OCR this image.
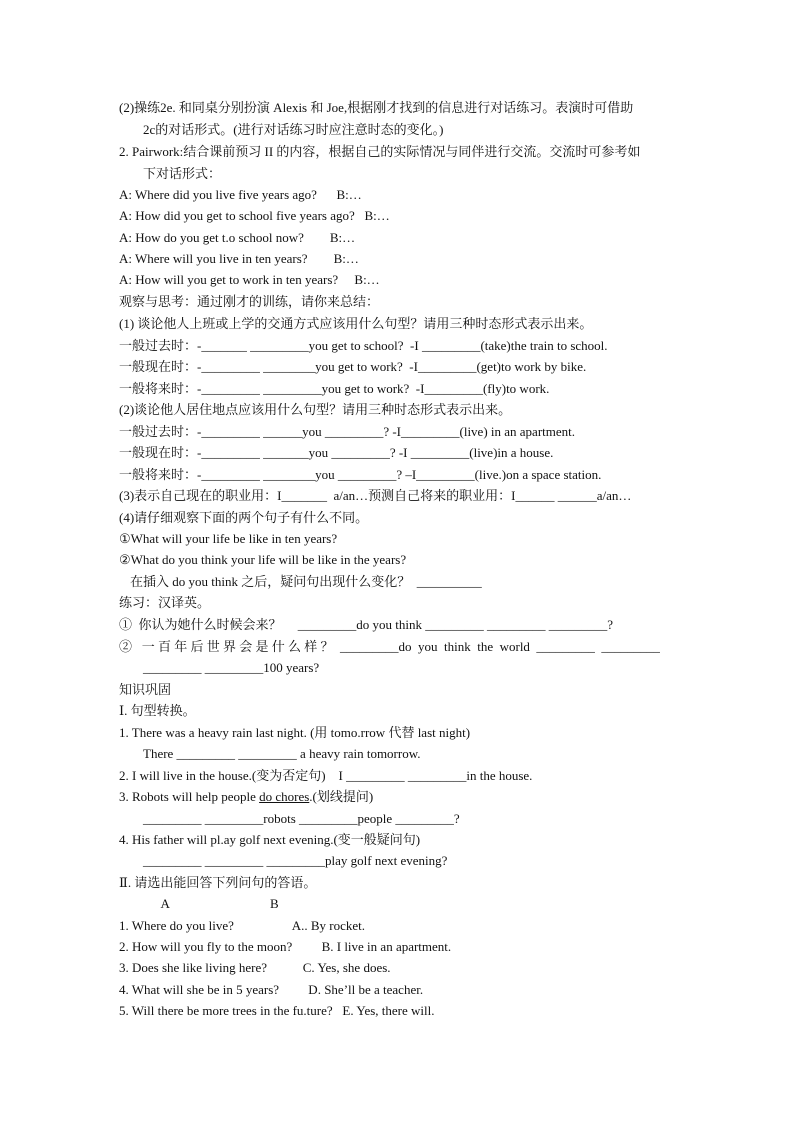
(2)操练2e. 和同桌分别扮演 Alexis 和 Joe,根据刚才找到的信息进行对话练习。表演时可借助
2c的对话形式。(进行对话练习时应注意时态的变化。)
2. Pairwork:结合课前预习 II 的内容，根据自己的实际情况与同伴进行交流。交流时可参考如
下对话形式：
A: Where did you live five years ago?      B:…
A: How did you get to school five years ago?   B:…
A: How do you get t.o school now?        B:…
A: Where will you live in ten years?        B:…
A: How will you get to work in ten years?     B:…
观察与思考：通过刚才的训练，请你来总结：
(1) 谈论他人上班或上学的交通方式应该用什么句型？请用三种时态形式表示出来。
一般过去时：-_______ _________you get to school?  -I _________(take)the train to school.
一般现在时：-_________ ________you get to work?  -I_________(get)to work by bike.
一般将来时：-_________ _________you get to work?  -I_________(fly)to work.
(2)谈论他人居住地点应该用什么句型？请用三种时态形式表示出来。
一般过去时：-_________ ______you _________? -I_________(live) in an apartment.
一般现在时：-_________ _______you _________? -I _________(live)in a house.
一般将来时：-_________ ________you _________? –I_________(live.)on a space station.
(3)表示自己现在的职业用：I_______  a/an…预测自己将来的职业用：I______ ______a/an…
(4)请仔细观察下面的两个句子有什么不同。
①What will your life be like in ten years?
②What do you think your life will be like in the years?
在插入 do you think 之后，疑问句出现什么变化？  __________
练习：汉译英。
①  你认为她什么时候会来？     _________do you think _________ _________ _________?
②   一 百 年 后 世 界 会 是 什 么 样 ？  _________do  you  think  the  world  _________  _________
_________ _________100 years?
知识巩固
Ⅰ. 句型转换。
1. There was a heavy rain last night. (用 tomo.rrow 代替 last night)
There _________ _________ a heavy rain tomorrow.
2. I will live in the house.(变为否定句)    I _________ _________in the house.
3. Robots will help people do chores.(划线提问)
_________ _________robots _________people _________?
4. His father will pl.ay golf next evening.(变一般疑问句)
_________ _________ _________play golf next evening?
Ⅱ. 请选出能回答下列问句的答语。
A                               B
1. Where do you live?                  A.. By rocket.
2. How will you fly to the moon?         B. I live in an apartment.
3. Does she like living here?           C. Yes, she does.
4. What will she be in 5 years?         D. She’ll be a teacher.
5. Will there be more trees in the fu.ture?   E. Yes, there will.
